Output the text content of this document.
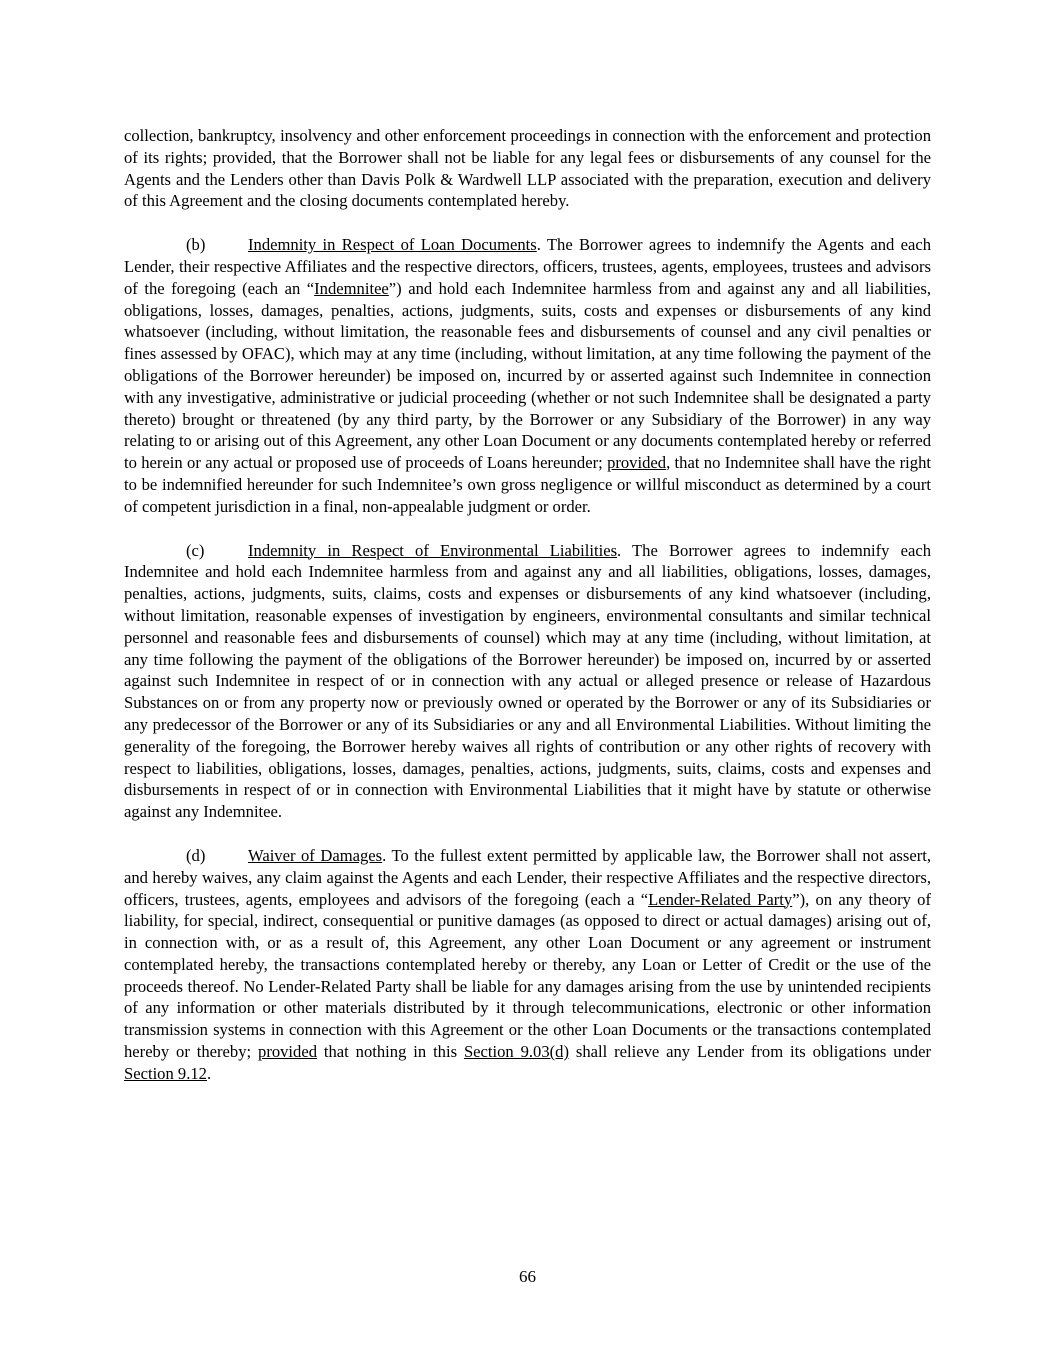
collection, bankruptcy, insolvency and other enforcement proceedings in connection with the enforcement and protection of its rights; provided, that the Borrower shall not be liable for any legal fees or disbursements of any counsel for the Agents and the Lenders other than Davis Polk & Wardwell LLP associated with the preparation, execution and delivery of this Agreement and the closing documents contemplated hereby.

(b)	Indemnity in Respect of Loan Documents. The Borrower agrees to indemnify the Agents and each Lender, their respective Affiliates and the respective directors, officers, trustees, agents, employees, trustees and advisors of the foregoing (each an “Indemnitee”) and hold each Indemnitee harmless from and against any and all liabilities, obligations, losses, damages, penalties, actions, judgments, suits, costs and expenses or disbursements of any kind whatsoever (including, without limitation, the reasonable fees and disbursements of counsel and any civil penalties or fines assessed by OFAC), which may at any time (including, without limitation, at any time following the payment of the obligations of the Borrower hereunder) be imposed on, incurred by or asserted against such Indemnitee in connection with any investigative, administrative or judicial proceeding (whether or not such Indemnitee shall be designated a party thereto) brought or threatened (by any third party, by the Borrower or any Subsidiary of the Borrower) in any way relating to or arising out of this Agreement, any other Loan Document or any documents contemplated hereby or referred to herein or any actual or proposed use of proceeds of Loans hereunder; provided, that no Indemnitee shall have the right to be indemnified hereunder for such Indemnitee’s own gross negligence or willful misconduct as determined by a court of competent jurisdiction in a final, non-appealable judgment or order.

(c)	Indemnity in Respect of Environmental Liabilities. The Borrower agrees to indemnify each Indemnitee and hold each Indemnitee harmless from and against any and all liabilities, obligations, losses, damages, penalties, actions, judgments, suits, claims, costs and expenses or disbursements of any kind whatsoever (including, without limitation, reasonable expenses of investigation by engineers, environmental consultants and similar technical personnel and reasonable fees and disbursements of counsel) which may at any time (including, without limitation, at any time following the payment of the obligations of the Borrower hereunder) be imposed on, incurred by or asserted against such Indemnitee in respect of or in connection with any actual or alleged presence or release of Hazardous Substances on or from any property now or previously owned or operated by the Borrower or any of its Subsidiaries or any predecessor of the Borrower or any of its Subsidiaries or any and all Environmental Liabilities. Without limiting the generality of the foregoing, the Borrower hereby waives all rights of contribution or any other rights of recovery with respect to liabilities, obligations, losses, damages, penalties, actions, judgments, suits, claims, costs and expenses and disbursements in respect of or in connection with Environmental Liabilities that it might have by statute or otherwise against any Indemnitee.

(d)	Waiver of Damages. To the fullest extent permitted by applicable law, the Borrower shall not assert, and hereby waives, any claim against the Agents and each Lender, their respective Affiliates and the respective directors, officers, trustees, agents, employees and advisors of the foregoing (each a “Lender-Related Party”), on any theory of liability, for special, indirect, consequential or punitive damages (as opposed to direct or actual damages) arising out of, in connection with, or as a result of, this Agreement, any other Loan Document or any agreement or instrument contemplated hereby, the transactions contemplated hereby or thereby, any Loan or Letter of Credit or the use of the proceeds thereof. No Lender-Related Party shall be liable for any damages arising from the use by unintended recipients of any information or other materials distributed by it through telecommunications, electronic or other information transmission systems in connection with this Agreement or the other Loan Documents or the transactions contemplated hereby or thereby; provided that nothing in this Section 9.03(d) shall relieve any Lender from its obligations under Section 9.12.

66
